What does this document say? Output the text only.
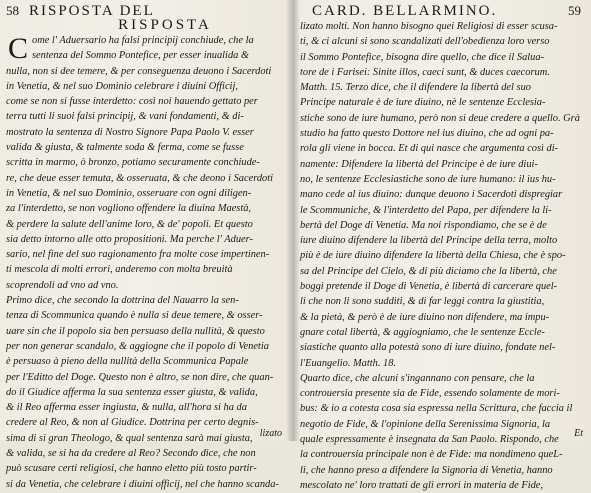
58 RISPOSTA DEL
RISPOSTA
C ome l' Aduersario ha falsi principij conchiude, che la
sentenza del Sommo Pontefice, per esser inualida &
nulla, non si dee temere, & per conseguenza deuono i Sacerdoti
in Venetia, & nel suo Dominio celebrare i diuini Officij,
come se non si fusse interdetto: così noi hauendo gettato per
terra tutti li suoi falsi principij, & vani fondamenti, & di-
mostrato la sentenza di Nostro Signore Papa Paolo V. esser
valida & giusta, & talmente soda & ferma, come se fusse
scritta in marmo, ò bronzo, potiamo securamente conchiude-
re, che deue esser temuta, & osseruata, & che deono i Sacerdoti
in Venetia, & nel suo Dominio, osseruare con ogni diligen-
za l'interdetto, se non vogliono offendere la diuina Maestà,
& perdere la salute dell'anime loro, & de' popoli. Et questo
sia detto intorno alle otto propositioni. Ma perche l' Aduer-
sario, nel fine del suo ragionamento fra molte cose impertinen-
ti mescola di molti errori, anderemo con molta breuità
scoprendoli ad vno ad vno.
Primo dice, che secondo la dottrina del Nauarro la sen-
tenza di Scommunica quando è nulla si deue temere, & osser-
uare sin che il popolo sia ben persuaso della nullità, & questo
per non generar scandalo, & aggiogne che il popolo di Venetia
è persuaso à pieno della nullità della Scommunica Papale
per l'Editto del Doge. Questo non è altro, se non dire, che quan-
do il Giudice afferma la sua sentenza esser giusta, & valida,
& il Reo afferma esser ingiusta, & nulla, all'hora si ha da
credere al Reo, & non al Giudice. Dottrina per certo degnis-
sima di si gran Theologo, & qual sentenza sarà mai giusta,
& valida, se si ha da credere al Reo? Secondo dice, che non
può scusare certi religiosi, che hanno eletto più tosto partir-
si da Venetia, che celebrare i diuini officij, nel che hanno scanda-
lizato
CARD. BELLARMINO.	59
lizato molti. Non hanno bisogno quei Religiosi di esser scusa-
ti, & ci alcuni si sono scandalizati dell'obedienza loro verso
il Sommo Pontefice, bisogna dire quello, che dice il Salua-
tore de i Farisei: Sinite illos, caeci sunt, & duces caecorum.
Matth. 15. Terzo dice, che il difendere la libertà del suo
Principe naturale è de iure diuino, nè le sentenze Ecclesia-
stiche sono de iure humano, però non si deue credere a quello. Grà
studio ha fatto questo Dottore nel ius diuino, che ad ogni pa-
rola gli viene in bocca. Et di qui nasce che argumenta così di-
namente: Difendere la libertà del Principe è de iure diui-
no, le sentenze Ecclesiastiche sono de iure humano: il ius hu-
mano cede al ius diuino: dunque deuono i Sacerdoti dispregiar
le Scommuniche, & l'interdetto del Papa, per difendere la li-
bertà del Doge di Venetia. Ma noi rispondiamo, che se è de
iure diuino difendere la libertà del Principe della terra, molto
più è de iure diuino difendere la libertà della Chiesa, che è spo-
sa del Principe del Cielo, & di più diciamo che la libertà, che
boggi pretende il Doge di Venetia, è libertà di carcerare quel-
li che non li sono sudditi, & di far leggi contra la giustitia,
& la pietà, & però è de iure diuino non difendere, ma impu-
gnare cotal libertà, & aggiogniamo, che le sentenze Eccle-
siastiche quanto alla potestà sono di iure diuino, fondate nel-
l'Euangelio. Matth. 18.
Quarto dice, che alcuni s'ingannano con pensare, che la
controuersia presente sia de Fide, essendo solamente de mori-
bus: & io a cotesta cosa sia espressa nella Scrittura, che faccia il
negotio de Fide, & l'opinione della Serenissima Signoria, la
quale espressamente è insegnata da San Paolo. Rispondo, che
la controuersia principale non è de Fide: ma nondimeno queL-
li, che hanno preso a difendere la Signoria di Venetia, hanno
mescolato ne' loro trattati de gli errori in materia de Fide,
Et
